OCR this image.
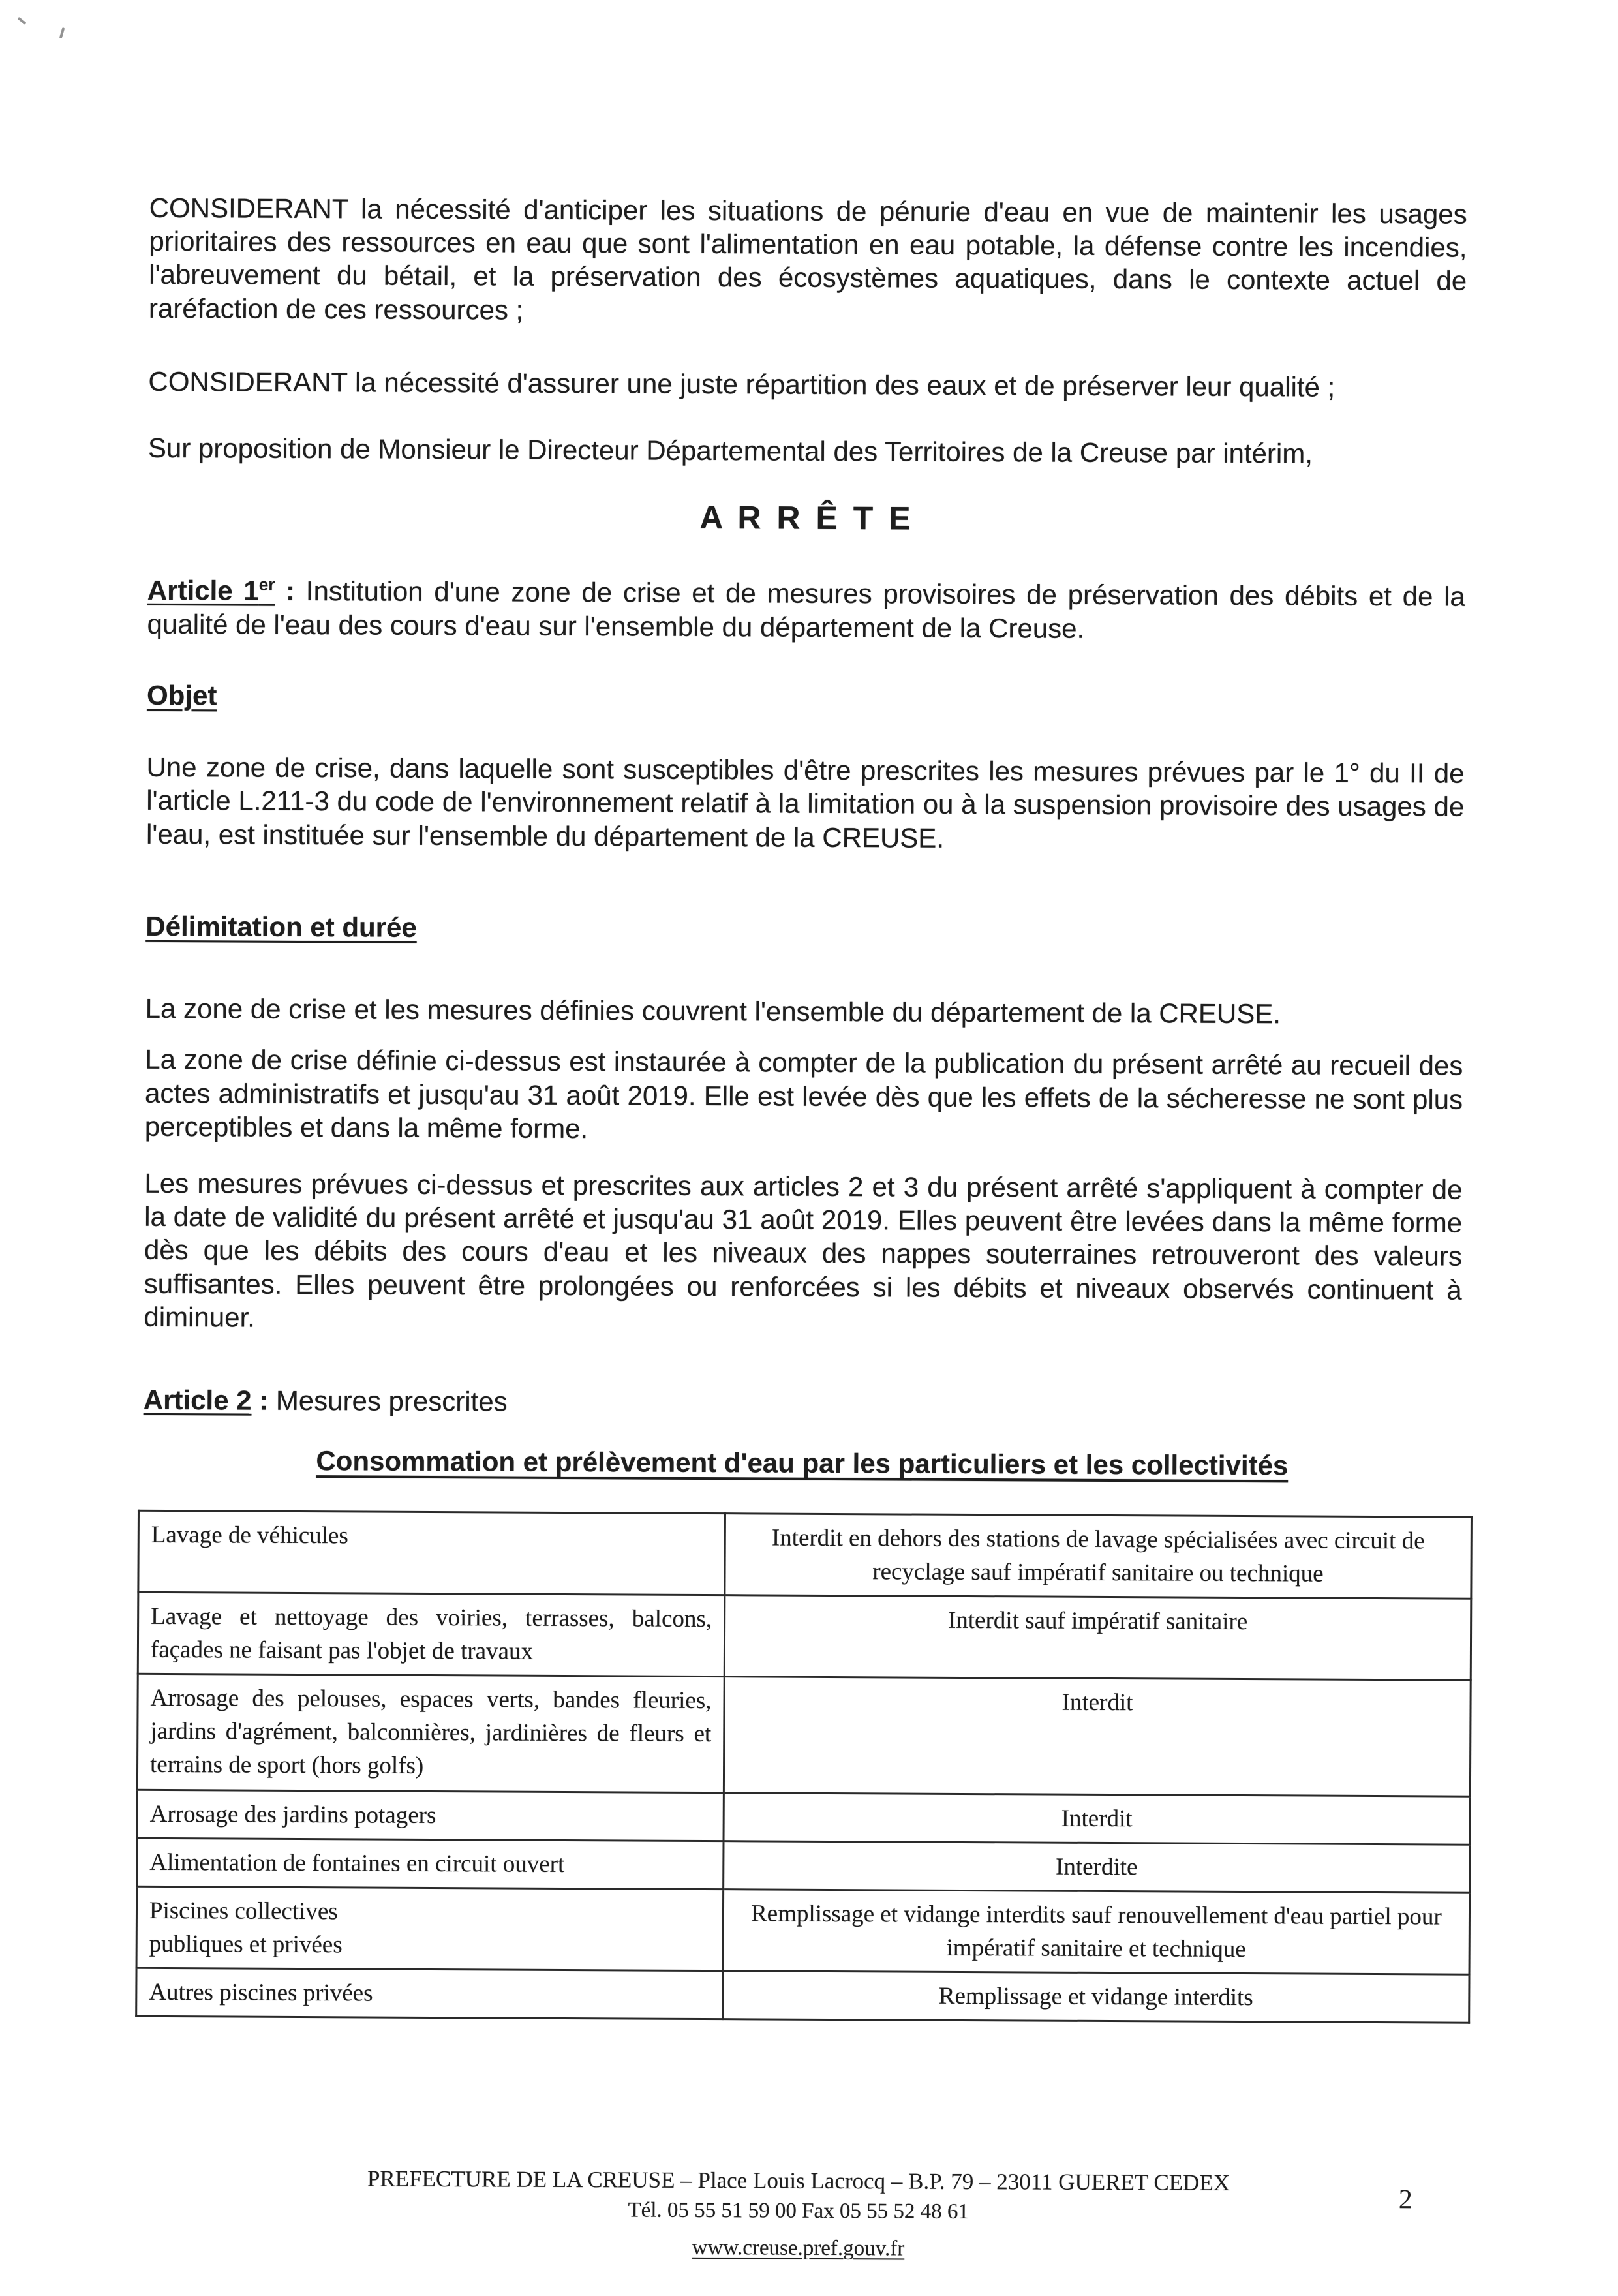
CONSIDERANT la nécessité d'anticiper les situations de pénurie d'eau en vue de maintenir les usages prioritaires des ressources en eau que sont l'alimentation en eau potable, la défense contre les incendies, l'abreuvement du bétail, et la préservation des écosystèmes aquatiques, dans le contexte actuel de raréfaction de ces ressources ;

CONSIDERANT la nécessité d'assurer une juste répartition des eaux et de préserver leur qualité ;

Sur proposition de Monsieur le Directeur Départemental des Territoires de la Creuse par intérim,

A R R Ê T E

Article 1er : Institution d'une zone de crise et de mesures provisoires de préservation des débits et de la qualité de l'eau des cours d'eau sur l'ensemble du département de la Creuse.

Objet

Une zone de crise, dans laquelle sont susceptibles d'être prescrites les mesures prévues par le 1° du II de l'article L.211-3 du code de l'environnement relatif à la limitation ou à la suspension provisoire des usages de l'eau, est instituée sur l'ensemble du département de la CREUSE.

Délimitation et durée

La zone de crise et les mesures définies couvrent l'ensemble du département de la CREUSE.

La zone de crise définie ci-dessus est instaurée à compter de la publication du présent arrêté au recueil des actes administratifs et jusqu'au 31 août 2019. Elle est levée dès que les effets de la sécheresse ne sont plus perceptibles et dans la même forme.

Les mesures prévues ci-dessus et prescrites aux articles 2 et 3 du présent arrêté s'appliquent à compter de la date de validité du présent arrêté et jusqu'au 31 août 2019. Elles peuvent être levées dans la même forme dès que les débits des cours d'eau et les niveaux des nappes souterraines retrouveront des valeurs suffisantes. Elles peuvent être prolongées ou renforcées si les débits et niveaux observés continuent à diminuer.

Article 2 : Mesures prescrites

Consommation et prélèvement d'eau par les particuliers et les collectivités

Lavage de véhicules	Interdit en dehors des stations de lavage spécialisées avec circuit de recyclage sauf impératif sanitaire ou technique
Lavage et nettoyage des voiries, terrasses, balcons, façades ne faisant pas l'objet de travaux	Interdit sauf impératif sanitaire
Arrosage des pelouses, espaces verts, bandes fleuries, jardins d'agrément, balconnières, jardinières de fleurs et terrains de sport (hors golfs)	Interdit
Arrosage des jardins potagers	Interdit
Alimentation de fontaines en circuit ouvert	Interdite
Piscines collectives
publiques et privées	Remplissage et vidange interdits sauf renouvellement d'eau partiel pour impératif sanitaire et technique
Autres piscines privées	Remplissage et vidange interdits
PREFECTURE DE LA CREUSE – Place Louis Lacrocq – B.P. 79 – 23011 GUERET CEDEX
Tél. 05 55 51 59 00 Fax 05 55 52 48 61
www.creuse.pref.gouv.fr
2
